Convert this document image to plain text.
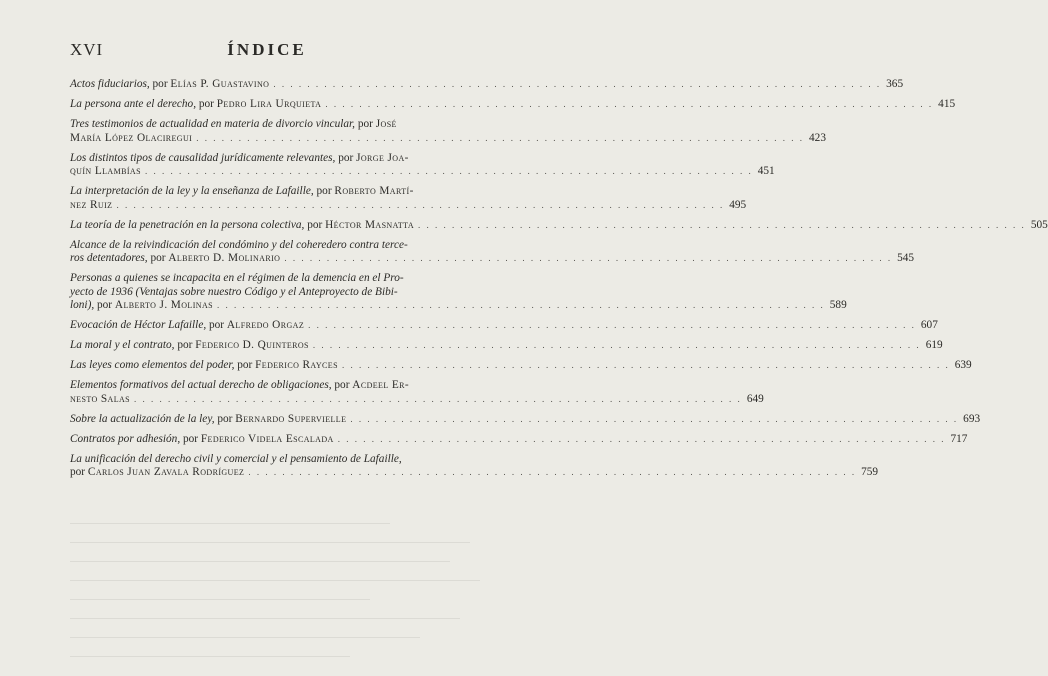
XVI	ÍNDICE
Actos fiduciarios, por Elías P. Guastavino . . . . . . . . . . . . . . . . . . . . . . . . . . . . . . . . . . . . . . . . . . . . . . . . . . . . . . . . . . . . . . . . . . . . . . . . 365
La persona ante el derecho, por Pedro Lira Urquieta . . . . . . . . . . . . . . . . . . . . . . . . . . . . . . . . . . . . . . . . . . . . . . . . . . . . . . . . . . . . . . . . . . . . . . . . 415
Tres testimonios de actualidad en materia de divorcio vincular, por José
María López Olaciregui . . . . . . . . . . . . . . . . . . . . . . . . . . . . . . . . . . . . . . . . . . . . . . . . . . . . . . . . . . . . . . . . . . . . . . . . 423
Los distintos tipos de causalidad jurídicamente relevantes, por Jorge Joa-
quín Llambías . . . . . . . . . . . . . . . . . . . . . . . . . . . . . . . . . . . . . . . . . . . . . . . . . . . . . . . . . . . . . . . . . . . . . . . . 451
La interpretación de la ley y la enseñanza de Lafaille, por Roberto Martí-
nez Ruiz . . . . . . . . . . . . . . . . . . . . . . . . . . . . . . . . . . . . . . . . . . . . . . . . . . . . . . . . . . . . . . . . . . . . . . . . 495
La teoría de la penetración en la persona colectiva, por Héctor Masnatta . . . . . . . . . . . . . . . . . . . . . . . . . . . . . . . . . . . . . . . . . . . . . . . . . . . . . . . . . . . . . . . . . . . . . . . . 505
Alcance de la reivindicación del condómino y del coheredero contra terce-
ros detentadores, por Alberto D. Molinario . . . . . . . . . . . . . . . . . . . . . . . . . . . . . . . . . . . . . . . . . . . . . . . . . . . . . . . . . . . . . . . . . . . . . . . . 545
Personas a quienes se incapacita en el régimen de la demencia en el Pro-
yecto de 1936 (Ventajas sobre nuestro Código y el Anteproyecto de Bibi-
loni), por Alberto J. Molinas . . . . . . . . . . . . . . . . . . . . . . . . . . . . . . . . . . . . . . . . . . . . . . . . . . . . . . . . . . . . . . . . . . . . . . . . 589
Evocación de Héctor Lafaille, por Alfredo Orgaz . . . . . . . . . . . . . . . . . . . . . . . . . . . . . . . . . . . . . . . . . . . . . . . . . . . . . . . . . . . . . . . . . . . . . . . . 607
La moral y el contrato, por Federico D. Quinteros . . . . . . . . . . . . . . . . . . . . . . . . . . . . . . . . . . . . . . . . . . . . . . . . . . . . . . . . . . . . . . . . . . . . . . . . 619
Las leyes como elementos del poder, por Federico Rayces . . . . . . . . . . . . . . . . . . . . . . . . . . . . . . . . . . . . . . . . . . . . . . . . . . . . . . . . . . . . . . . . . . . . . . . . 639
Elementos formativos del actual derecho de obligaciones, por Acdeel Er-
nesto Salas . . . . . . . . . . . . . . . . . . . . . . . . . . . . . . . . . . . . . . . . . . . . . . . . . . . . . . . . . . . . . . . . . . . . . . . . 649
Sobre la actualización de la ley, por Bernardo Supervielle . . . . . . . . . . . . . . . . . . . . . . . . . . . . . . . . . . . . . . . . . . . . . . . . . . . . . . . . . . . . . . . . . . . . . . . . 693
Contratos por adhesión, por Federico Videla Escalada . . . . . . . . . . . . . . . . . . . . . . . . . . . . . . . . . . . . . . . . . . . . . . . . . . . . . . . . . . . . . . . . . . . . . . . . 717
La unificación del derecho civil y comercial y el pensamiento de Lafaille,
por Carlos Juan Zavala Rodríguez . . . . . . . . . . . . . . . . . . . . . . . . . . . . . . . . . . . . . . . . . . . . . . . . . . . . . . . . . . . . . . . . . . . . . . . . 759
